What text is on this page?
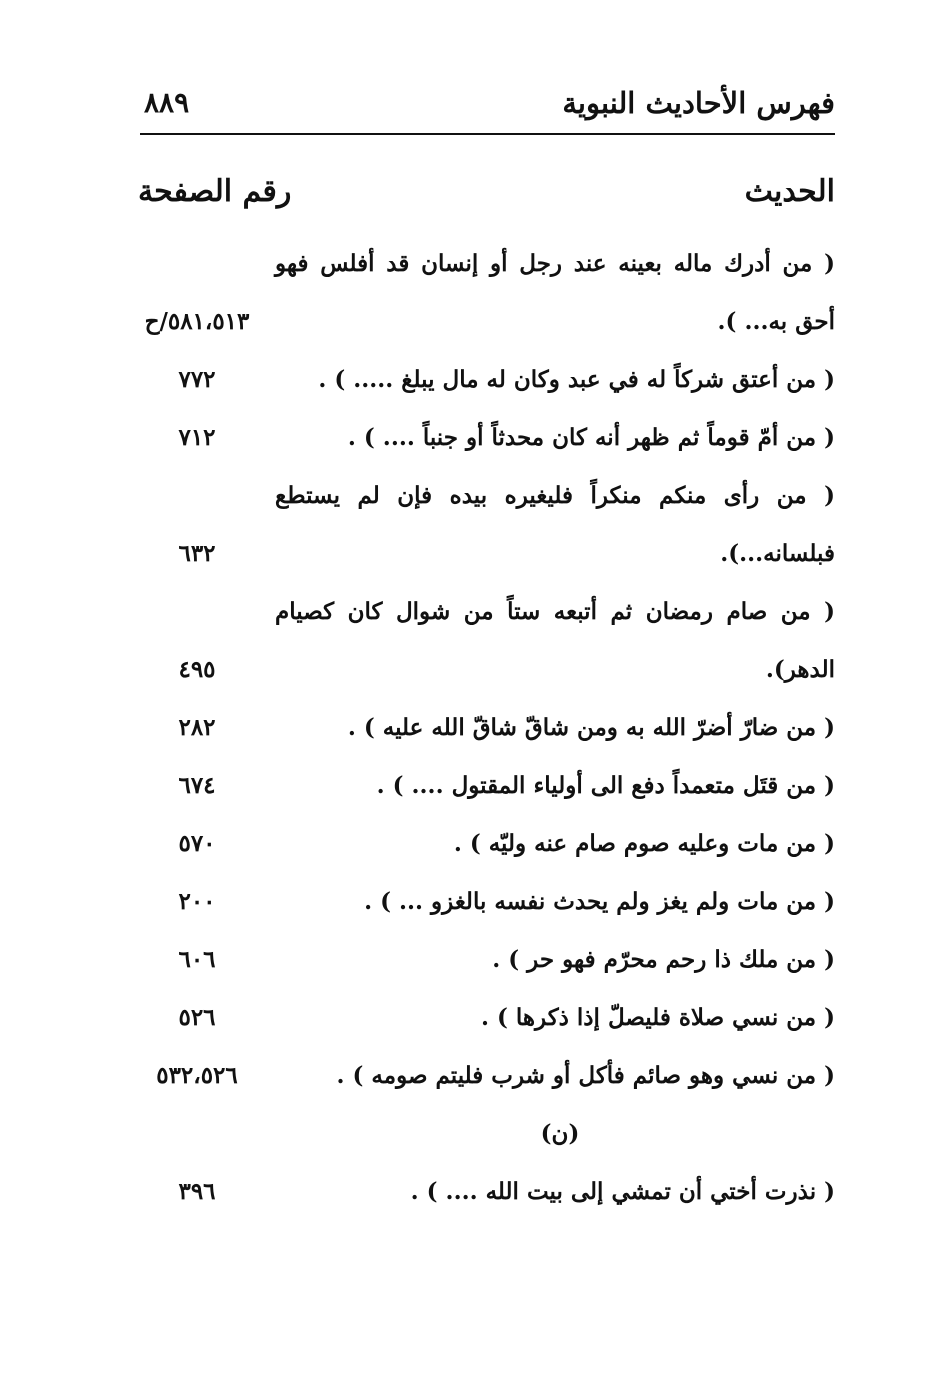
فهرس الأحاديث النبوية
٨٨٩
الحديث
رقم الصفحة
( من أدرك ماله بعينه عند رجل أو إنسان قد أفلس فهو
أحق به... ).
٥٨١،٥١٣/ح
( من أعتق شركاً له في عبد وكان له مال يبلغ ..... ) .
٧٧٢
( من أمّ قوماً ثم ظهر أنه كان محدثاً أو جنباً .... ) .
٧١٢
( من رأى منكم منكراً فليغيره بيده فإن لم يستطع
فبلسانه...).
٦٣٢
( من صام رمضان ثم أتبعه ستاً من شوال كان كصيام
الدهر).
٤٩٥
( من ضارّ أضرّ الله به ومن شاقّ شاقّ الله عليه ) .
٢٨٢
( من قتَل متعمداً دفع الى أولياء المقتول .... ) .
٦٧٤
( من مات وعليه صوم صام عنه وليّه ) .
٥٧٠
( من مات ولم يغز ولم يحدث نفسه بالغزو ... ) .
٢٠٠
( من ملك ذا رحم محرّم فهو حر ) .
٦٠٦
( من نسي صلاة فليصلّ إذا ذكرها ) .
٥٢٦
( من نسي وهو صائم فأكل أو شرب فليتم صومه ) .
٥٣٢،٥٢٦
(ن)
( نذرت أختي أن تمشي إلى بيت الله .... ) .
٣٩٦
